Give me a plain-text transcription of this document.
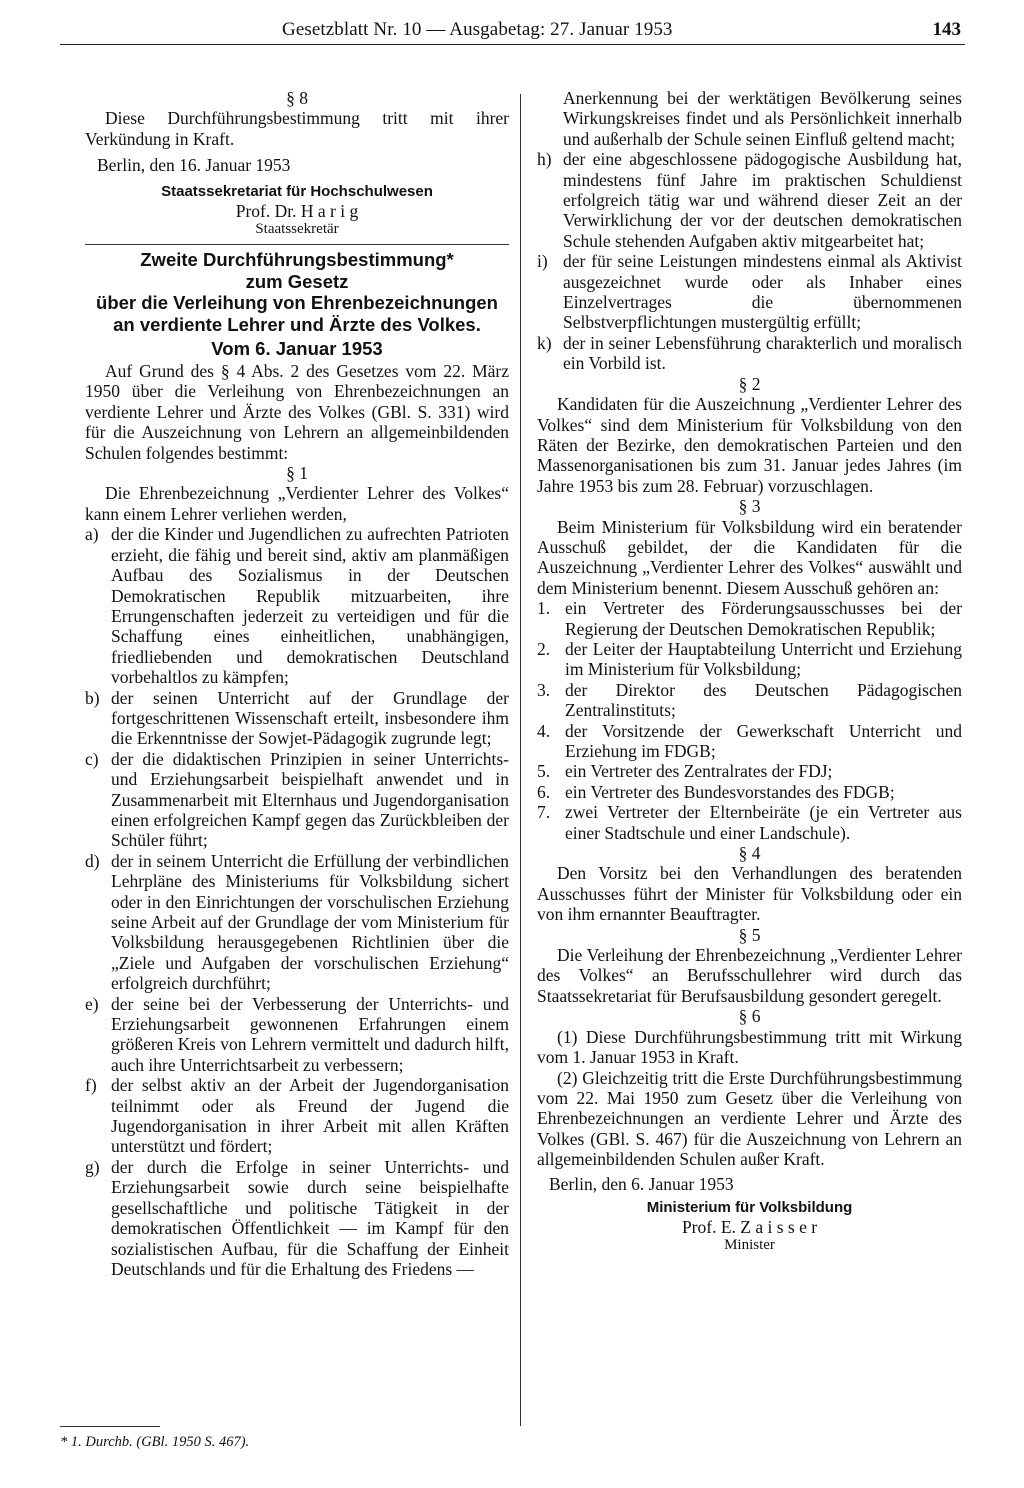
Gesetzblatt Nr. 10 — Ausgabetag: 27. Januar 1953	143

§ 8

Diese Durchführungsbestimmung tritt mit ihrer Verkündung in Kraft.

Berlin, den 16. Januar 1953

Staatssekretariat für Hochschulwesen

Prof. Dr. H a r i g

Staatssekretär

Zweite Durchführungsbestimmung*

zum Gesetz

über die Verleihung von Ehrenbezeichnungen

an verdiente Lehrer und Ärzte des Volkes.

Vom 6. Januar 1953

Auf Grund des § 4 Abs. 2 des Gesetzes vom 22. März 1950 über die Verleihung von Ehrenbezeichnungen an verdiente Lehrer und Ärzte des Volkes (GBl. S. 331) wird für die Auszeichnung von Lehrern an allgemeinbildenden Schulen folgendes bestimmt:

§ 1

Die Ehrenbezeichnung „Verdienter Lehrer des Volkes“ kann einem Lehrer verliehen werden,

a) der die Kinder und Jugendlichen zu aufrechten Patrioten erzieht, die fähig und bereit sind, aktiv am planmäßigen Aufbau des Sozialismus in der Deutschen Demokratischen Republik mitzuarbeiten, ihre Errungenschaften jederzeit zu verteidigen und für die Schaffung eines einheitlichen, unabhängigen, friedliebenden und demokratischen Deutschland vorbehaltlos zu kämpfen;
b) der seinen Unterricht auf der Grundlage der fortgeschrittenen Wissenschaft erteilt, insbesondere ihm die Erkenntnisse der Sowjet-Pädagogik zugrunde legt;
c) der die didaktischen Prinzipien in seiner Unterrichts- und Erziehungsarbeit beispielhaft anwendet und in Zusammenarbeit mit Elternhaus und Jugendorganisation einen erfolgreichen Kampf gegen das Zurückbleiben der Schüler führt;
d) der in seinem Unterricht die Erfüllung der verbindlichen Lehrpläne des Ministeriums für Volksbildung sichert oder in den Einrichtungen der vorschulischen Erziehung seine Arbeit auf der Grundlage der vom Ministerium für Volksbildung herausgegebenen Richtlinien über die „Ziele und Aufgaben der vorschulischen Erziehung“ erfolgreich durchführt;
e) der seine bei der Verbesserung der Unterrichts- und Erziehungsarbeit gewonnenen Erfahrungen einem größeren Kreis von Lehrern vermittelt und dadurch hilft, auch ihre Unterrichtsarbeit zu verbessern;
f) der selbst aktiv an der Arbeit der Jugendorganisation teilnimmt oder als Freund der Jugend die Jugendorganisation in ihrer Arbeit mit allen Kräften unterstützt und fördert;
g) der durch die Erfolge in seiner Unterrichts- und Erziehungsarbeit sowie durch seine beispielhafte gesellschaftliche und politische Tätigkeit in der demokratischen Öffentlichkeit — im Kampf für den sozialistischen Aufbau, für die Schaffung der Einheit Deutschlands und für die Erhaltung des Friedens —
Anerkennung bei der werktätigen Bevölkerung seines Wirkungskreises findet und als Persönlichkeit innerhalb und außerhalb der Schule seinen Einfluß geltend macht;
h) der eine abgeschlossene pädogogische Ausbildung hat, mindestens fünf Jahre im praktischen Schuldienst erfolgreich tätig war und während dieser Zeit an der Verwirklichung der vor der deutschen demokratischen Schule stehenden Aufgaben aktiv mitgearbeitet hat;
i) der für seine Leistungen mindestens einmal als Aktivist ausgezeichnet wurde oder als Inhaber eines Einzelvertrages die übernommenen Selbstverpflichtungen mustergültig erfüllt;
k) der in seiner Lebensführung charakterlich und moralisch ein Vorbild ist.

§ 2

Kandidaten für die Auszeichnung „Verdienter Lehrer des Volkes“ sind dem Ministerium für Volksbildung von den Räten der Bezirke, den demokratischen Parteien und den Massenorganisationen bis zum 31. Januar jedes Jahres (im Jahre 1953 bis zum 28. Februar) vorzuschlagen.

§ 3

Beim Ministerium für Volksbildung wird ein beratender Ausschuß gebildet, der die Kandidaten für die Auszeichnung „Verdienter Lehrer des Volkes“ auswählt und dem Ministerium benennt. Diesem Ausschuß gehören an:

1. ein Vertreter des Förderungsausschusses bei der Regierung der Deutschen Demokratischen Republik;
2. der Leiter der Hauptabteilung Unterricht und Erziehung im Ministerium für Volksbildung;
3. der Direktor des Deutschen Pädagogischen Zentralinstituts;
4. der Vorsitzende der Gewerkschaft Unterricht und Erziehung im FDGB;
5. ein Vertreter des Zentralrates der FDJ;
6. ein Vertreter des Bundesvorstandes des FDGB;
7. zwei Vertreter der Elternbeiräte (je ein Vertreter aus einer Stadtschule und einer Landschule).

§ 4

Den Vorsitz bei den Verhandlungen des beratenden Ausschusses führt der Minister für Volksbildung oder ein von ihm ernannter Beauftragter.

§ 5

Die Verleihung der Ehrenbezeichnung „Verdienter Lehrer des Volkes“ an Berufsschullehrer wird durch das Staatssekretariat für Berufsausbildung gesondert geregelt.

§ 6

(1) Diese Durchführungsbestimmung tritt mit Wirkung vom 1. Januar 1953 in Kraft.

(2) Gleichzeitig tritt die Erste Durchführungsbestimmung vom 22. Mai 1950 zum Gesetz über die Verleihung von Ehrenbezeichnungen an verdiente Lehrer und Ärzte des Volkes (GBl. S. 467) für die Auszeichnung von Lehrern an allgemeinbildenden Schulen außer Kraft.

Berlin, den 6. Januar 1953

Ministerium für Volksbildung

Prof. E. Z a i s s e r

Minister

* 1. Durchb. (GBl. 1950 S. 467).
